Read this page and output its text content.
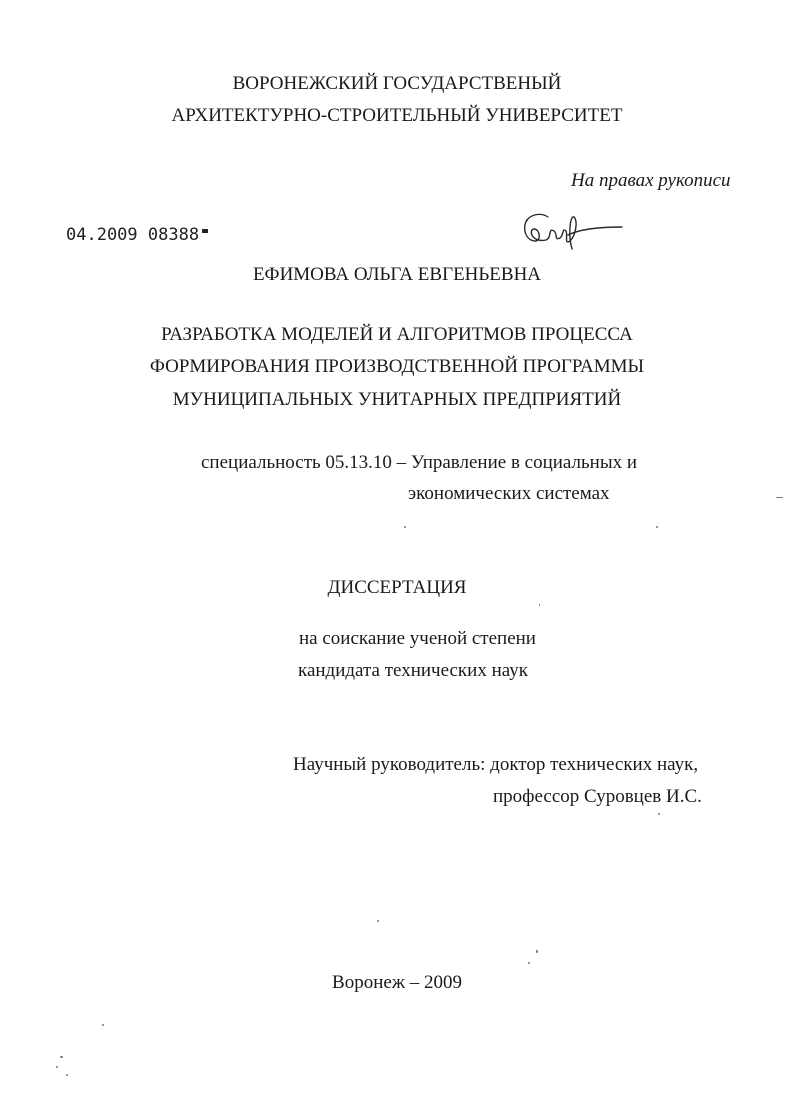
ВОРОНЕЖСКИЙ ГОСУДАРСТВЕНЫЙ
АРХИТЕКТУРНО-СТРОИТЕЛЬНЫЙ УНИВЕРСИТЕТ
На правах рукописи
04.2009 08388
ЕФИМОВА ОЛЬГА ЕВГЕНЬЕВНА
РАЗРАБОТКА МОДЕЛЕЙ И АЛГОРИТМОВ ПРОЦЕССА
ФОРМИРОВАНИЯ ПРОИЗВОДСТВЕННОЙ ПРОГРАММЫ
МУНИЦИПАЛЬНЫХ УНИТАРНЫХ ПРЕДПРИЯТИЙ
специальность 05.13.10 – Управление в социальных и
экономических системах
ДИССЕРТАЦИЯ
на соискание ученой степени
кандидата технических наук
Научный руководитель: доктор технических наук,
профессор Суровцев И.С.
Воронеж – 2009
